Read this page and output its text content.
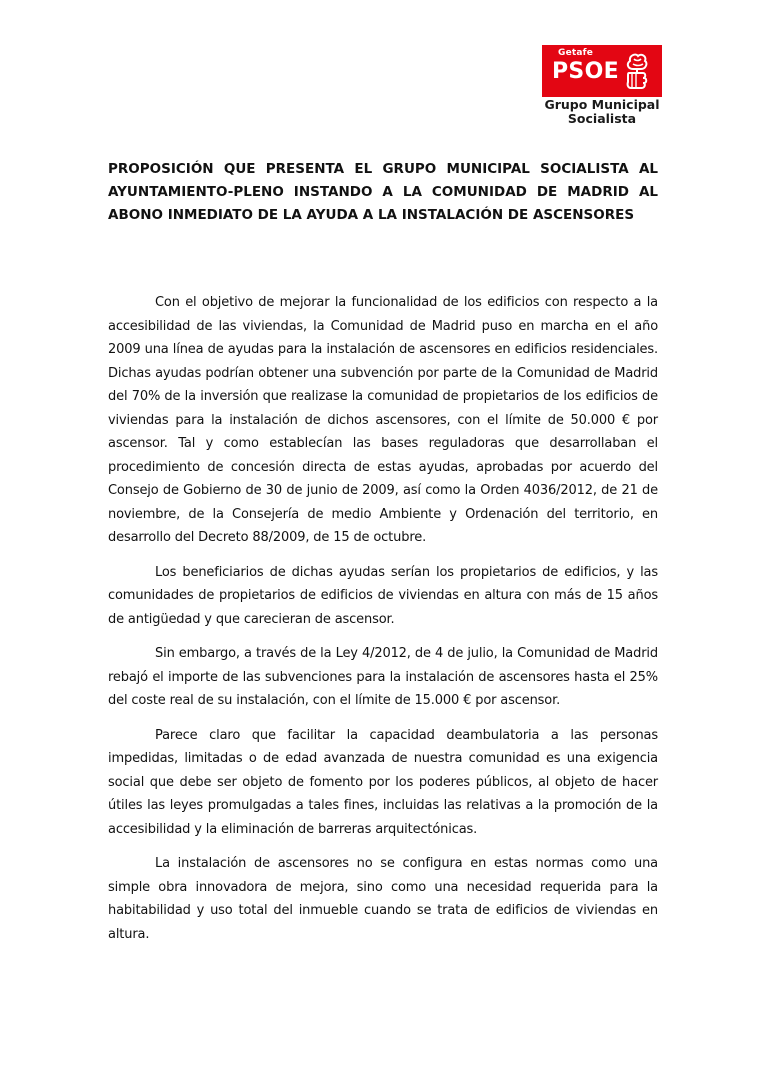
Getafe
PSOE
Grupo Municipal
Socialista

PROPOSICIÓN QUE PRESENTA EL GRUPO MUNICIPAL SOCIALISTA AL AYUNTAMIENTO-PLENO INSTANDO A LA COMUNIDAD DE MADRID AL ABONO INMEDIATO DE LA AYUDA A LA INSTALACIÓN DE ASCENSORES

Con el objetivo de mejorar la funcionalidad de los edificios con respecto a la accesibilidad de las viviendas, la Comunidad de Madrid puso en marcha en el año 2009 una línea de ayudas para la instalación de ascensores en edificios residenciales. Dichas ayudas podrían obtener una subvención por parte de la Comunidad de Madrid del 70% de la inversión que realizase la comunidad de propietarios de los edificios de viviendas para la instalación de dichos ascensores, con el límite de 50.000 € por ascensor. Tal y como establecían las bases reguladoras que desarrollaban el procedimiento de concesión directa de estas ayudas, aprobadas por acuerdo del Consejo de Gobierno de 30 de junio de 2009, así como la Orden 4036/2012, de 21 de noviembre, de la Consejería de medio Ambiente y Ordenación del territorio, en desarrollo del Decreto 88/2009, de 15 de octubre.

Los beneficiarios de dichas ayudas serían los propietarios de edificios, y las comunidades de propietarios de edificios de viviendas en altura con más de 15 años de antigüedad y que carecieran de ascensor.

Sin embargo, a través de la Ley 4/2012, de 4 de julio, la Comunidad de Madrid rebajó el importe de las subvenciones para la instalación de ascensores hasta el 25% del coste real de su instalación, con el límite de 15.000 € por ascensor.

Parece claro que facilitar la capacidad deambulatoria a las personas impedidas, limitadas o de edad avanzada de nuestra comunidad es una exigencia social que debe ser objeto de fomento por los poderes públicos, al objeto de hacer útiles las leyes promulgadas a tales fines, incluidas las relativas a la promoción de la accesibilidad y la eliminación de barreras arquitectónicas.

La instalación de ascensores no se configura en estas normas como una simple obra innovadora de mejora, sino como una necesidad requerida para la habitabilidad y uso total del inmueble cuando se trata de edificios de viviendas en altura.
